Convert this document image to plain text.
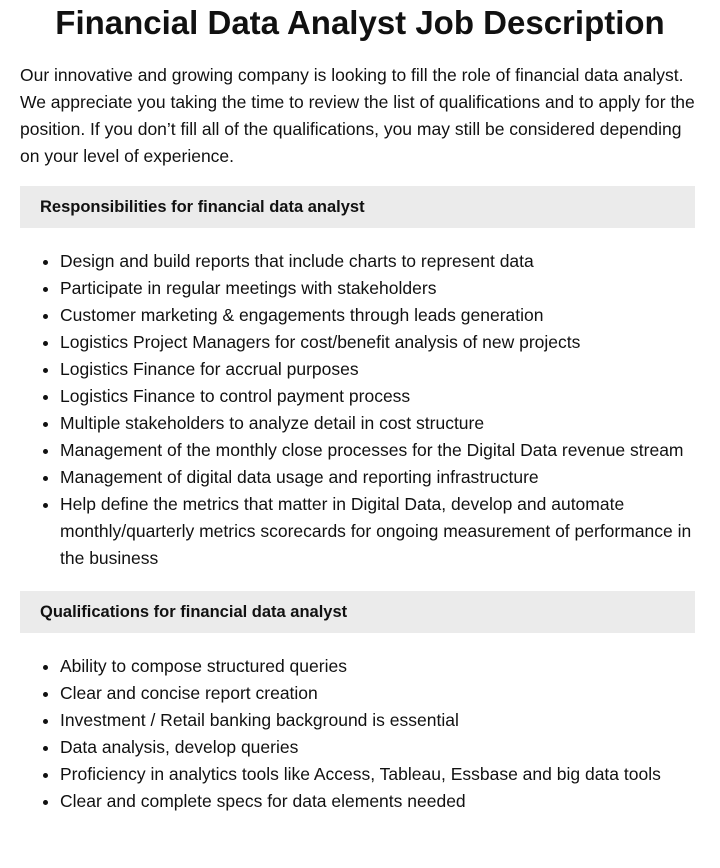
Financial Data Analyst Job Description

Our innovative and growing company is looking to fill the role of financial data analyst. We appreciate you taking the time to review the list of qualifications and to apply for the position. If you don’t fill all of the qualifications, you may still be considered depending on your level of experience.

Responsibilities for financial data analyst
• Design and build reports that include charts to represent data
• Participate in regular meetings with stakeholders
• Customer marketing & engagements through leads generation
• Logistics Project Managers for cost/benefit analysis of new projects
• Logistics Finance for accrual purposes
• Logistics Finance to control payment process
• Multiple stakeholders to analyze detail in cost structure
• Management of the monthly close processes for the Digital Data revenue stream
• Management of digital data usage and reporting infrastructure
• Help define the metrics that matter in Digital Data, develop and automate monthly/quarterly metrics scorecards for ongoing measurement of performance in the business
Qualifications for financial data analyst
• Ability to compose structured queries
• Clear and concise report creation
• Investment / Retail banking background is essential
• Data analysis, develop queries
• Proficiency in analytics tools like Access, Tableau, Essbase and big data tools
• Clear and complete specs for data elements needed
